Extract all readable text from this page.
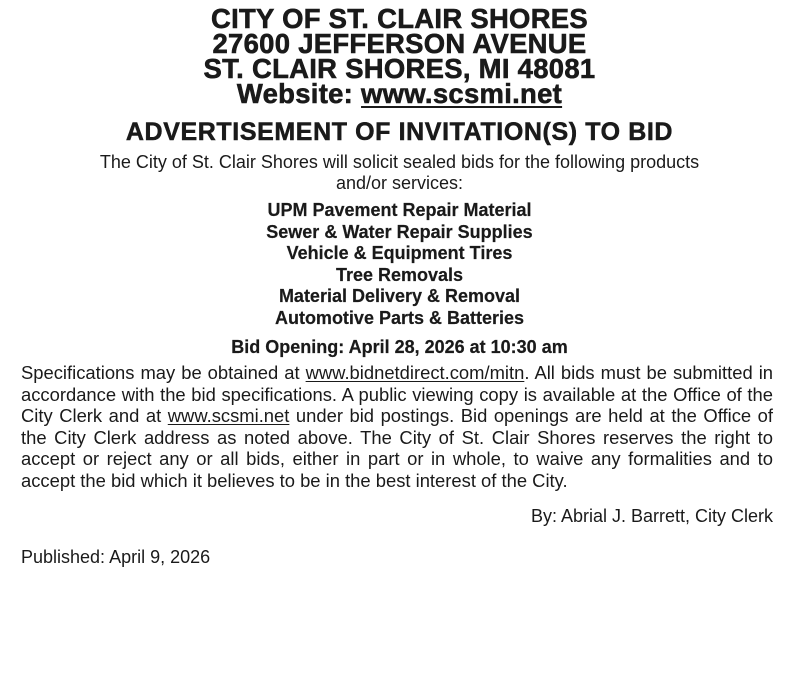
CITY OF ST. CLAIR SHORES
27600 JEFFERSON AVENUE
ST. CLAIR SHORES, MI 48081
Website: www.scsmi.net
ADVERTISEMENT OF INVITATION(S) TO BID
The City of St. Clair Shores will solicit sealed bids for the following products and/or services:
UPM Pavement Repair Material
Sewer & Water Repair Supplies
Vehicle & Equipment Tires
Tree Removals
Material Delivery & Removal
Automotive Parts & Batteries
Bid Opening: April 28, 2026 at 10:30 am
Specifications may be obtained at www.bidnetdirect.com/mitn. All bids must be submitted in accordance with the bid specifications. A public viewing copy is available at the Office of the City Clerk and at www.scsmi.net under bid postings. Bid openings are held at the Office of the City Clerk address as noted above. The City of St. Clair Shores reserves the right to accept or reject any or all bids, either in part or in whole, to waive any formalities and to accept the bid which it believes to be in the best interest of the City.
By: Abrial J. Barrett, City Clerk
Published: April 9, 2026
